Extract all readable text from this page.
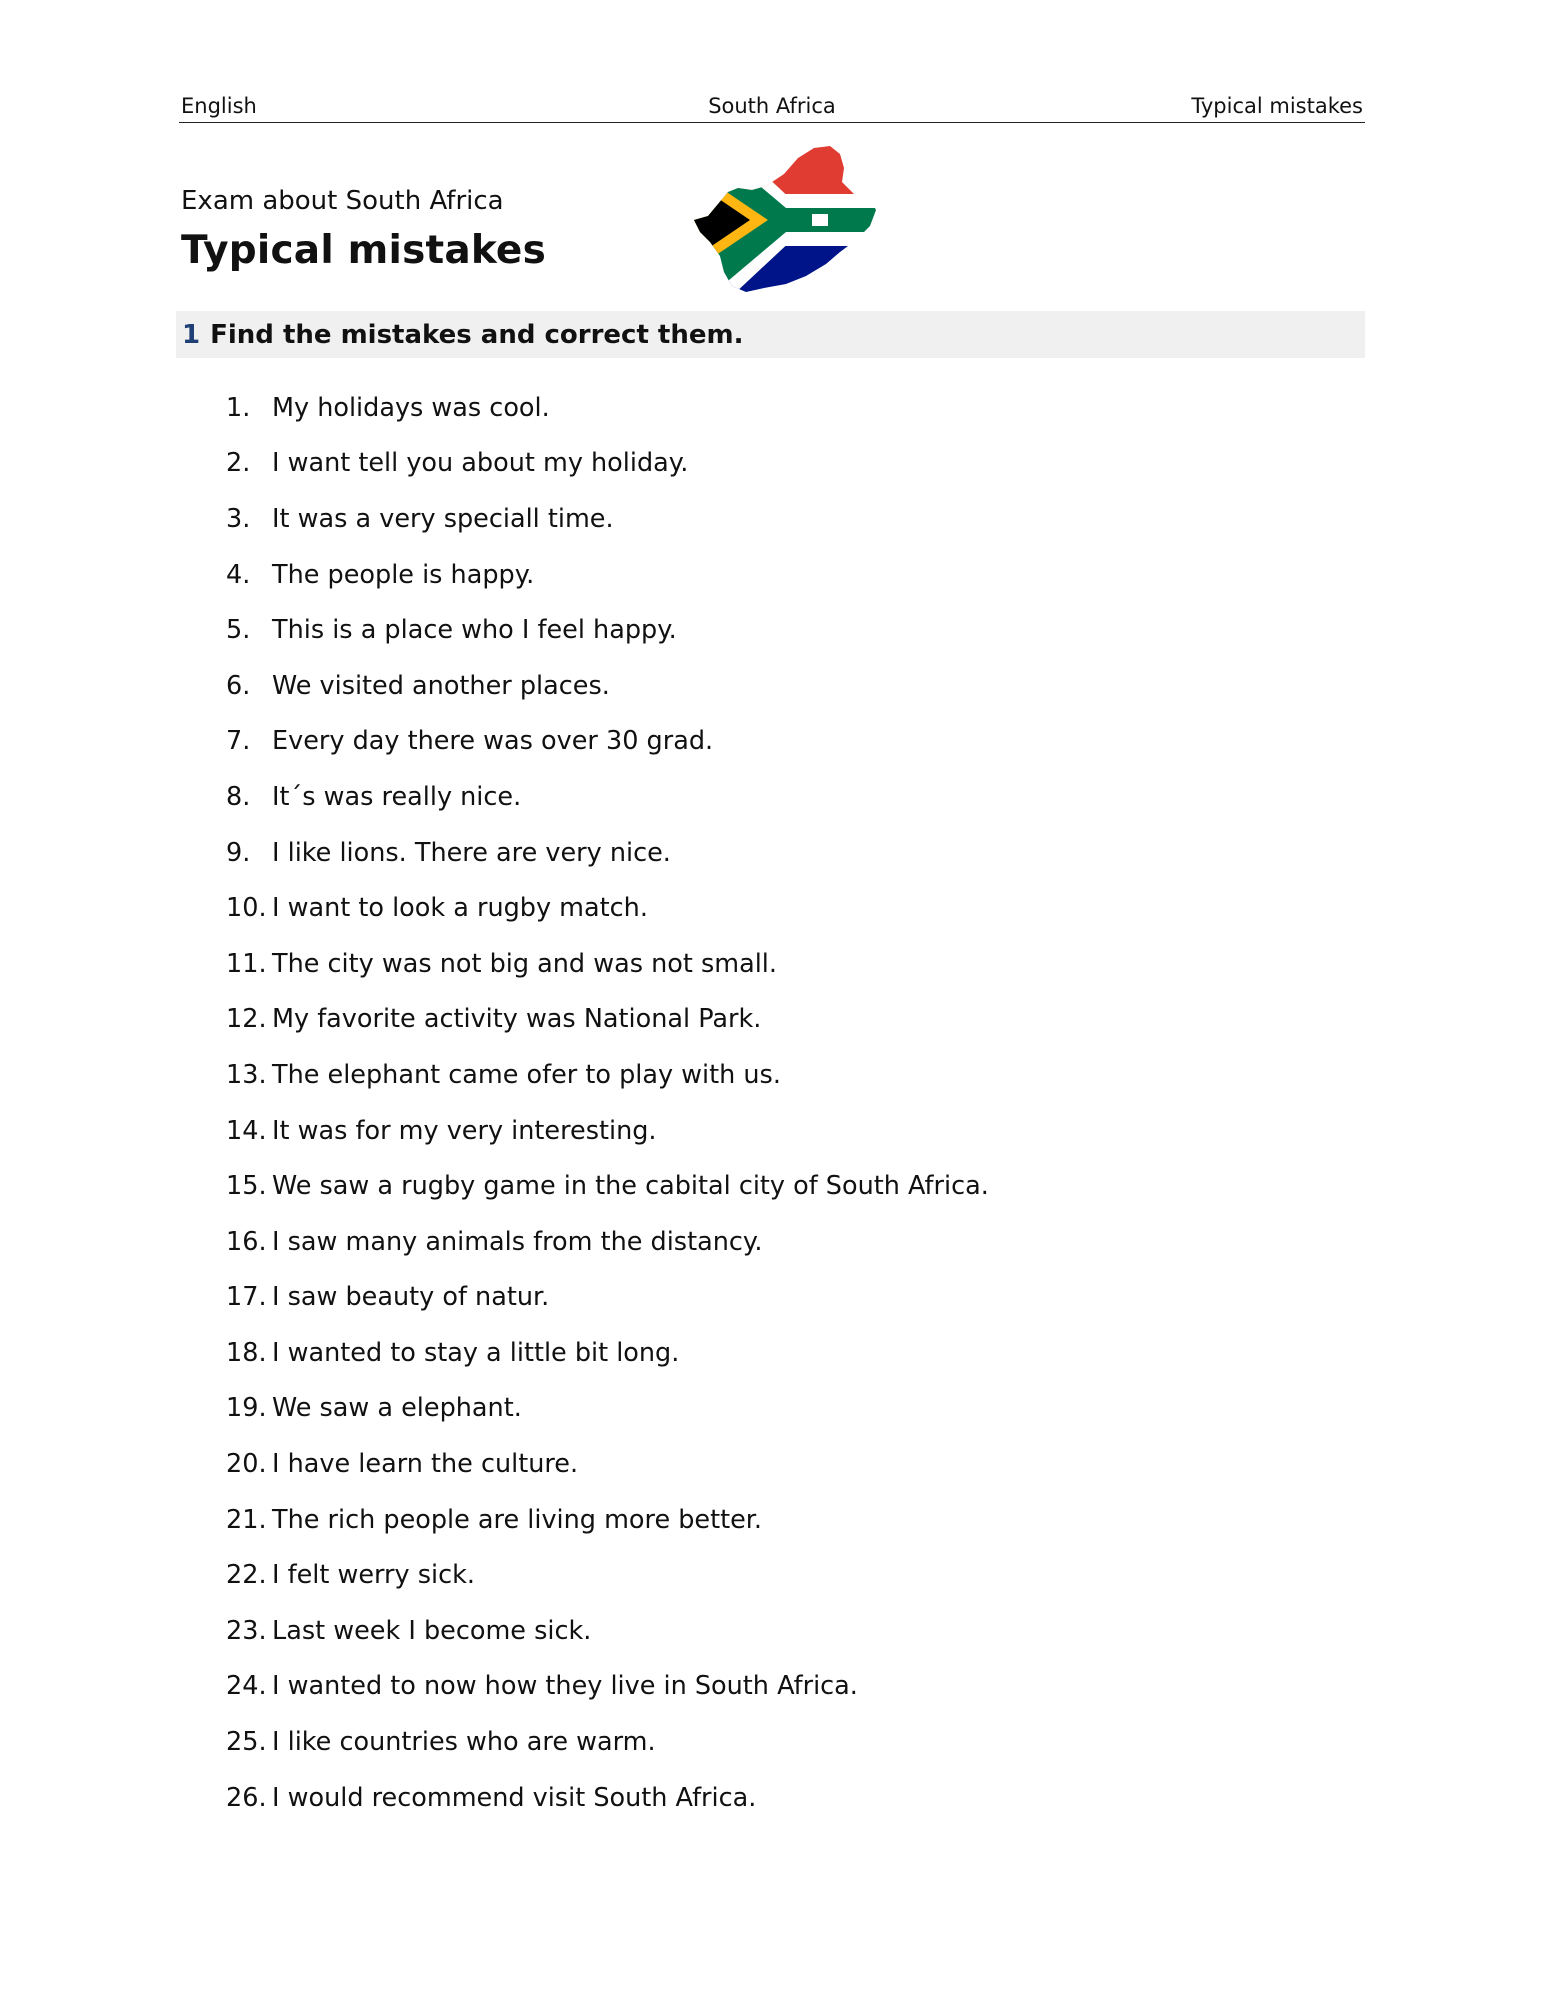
English	South Africa	Typical mistakes
Exam about South Africa
Typical mistakes
1 Find the mistakes and correct them.
1. My holidays was cool.
2. I want tell you about my holiday.
3. It was a very speciall time.
4. The people is happy.
5. This is a place who I feel happy.
6. We visited another places.
7. Every day there was over 30 grad.
8. It´s was really nice.
9. I like lions. There are very nice.
10. I want to look a rugby match.
11. The city was not big and was not small.
12. My favorite activity was National Park.
13. The elephant came ofer to play with us.
14. It was for my very interesting.
15. We saw a rugby game in the cabital city of South Africa.
16. I saw many animals from the distancy.
17. I saw beauty of natur.
18. I wanted to stay a little bit long.
19. We saw a elephant.
20. I have learn the culture.
21. The rich people are living more better.
22. I felt werry sick.
23. Last week I become sick.
24. I wanted to now how they live in South Africa.
25. I like countries who are warm.
26. I would recommend visit South Africa.
